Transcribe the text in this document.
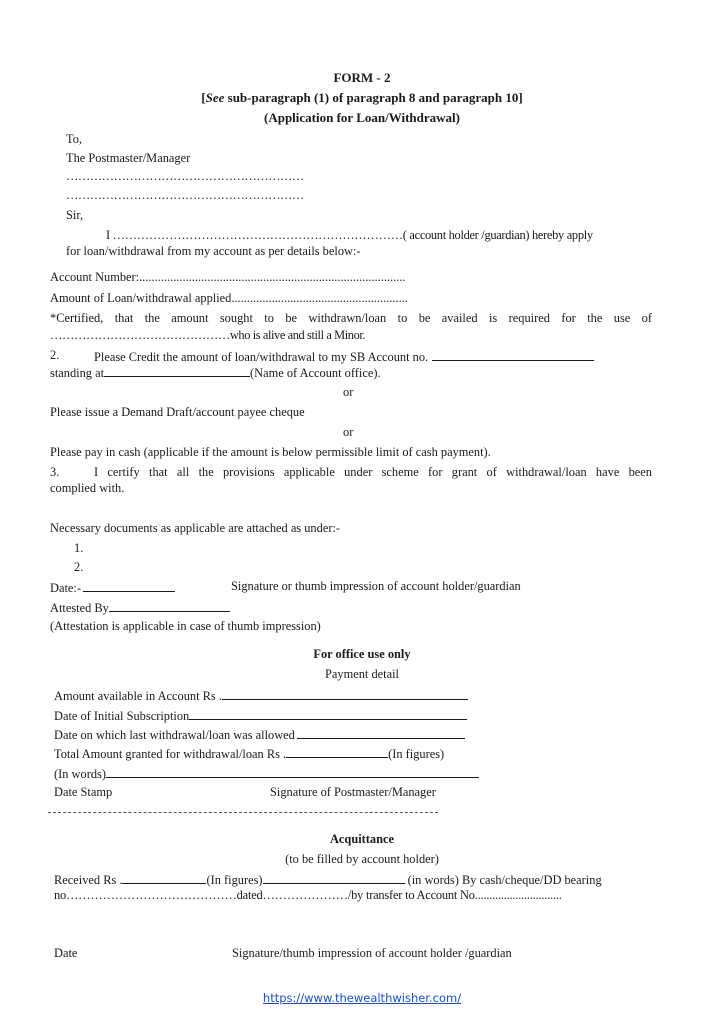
FORM - 2
[See sub-paragraph (1) of paragraph 8 and paragraph 10]
(Application for Loan/Withdrawal)
To,
The Postmaster/Manager
……………………………………………………
……………………………………………………
Sir,
I ………………………………………………………………( account holder /guardian) hereby apply
for loan/withdrawal from my account as per details below:-
Account Number:......................................................................................
Amount of Loan/withdrawal applied.........................................................
*Certified, that the amount sought to be withdrawn/loan to be availed is required for the use of
………………………………………who is alive and still a Minor.
2.	Please Credit the amount of loan/withdrawal to my SB Account no.
standing at	(Name of Account office).
or
Please issue a Demand Draft/account payee cheque
or
Please pay in cash (applicable if the amount is below permissible limit of cash payment).
3.	I certify that all the provisions applicable under scheme for grant of withdrawal/loan have been
complied with.
Necessary documents as applicable are attached as under:-
1.
2.
Date:-	Signature or thumb impression of account holder/guardian
Attested By
(Attestation is applicable in case of thumb impression)
For office use only
Payment detail
Amount available in Account Rs .
Date of Initial Subscription
Date on which last withdrawal/loan was allowed
Total Amount granted for withdrawal/loan Rs .	(In figures)
(In words)
Date Stamp	Signature of Postmaster/Manager
Acquittance
(to be filled by account holder)
Received Rs .	(In figures)	(in words) By cash/cheque/DD bearing
no……………………………………dated…………………/by transfer to Account No..............................
Date	Signature/thumb impression of account holder /guardian
https://www.thewealthwisher.com/
